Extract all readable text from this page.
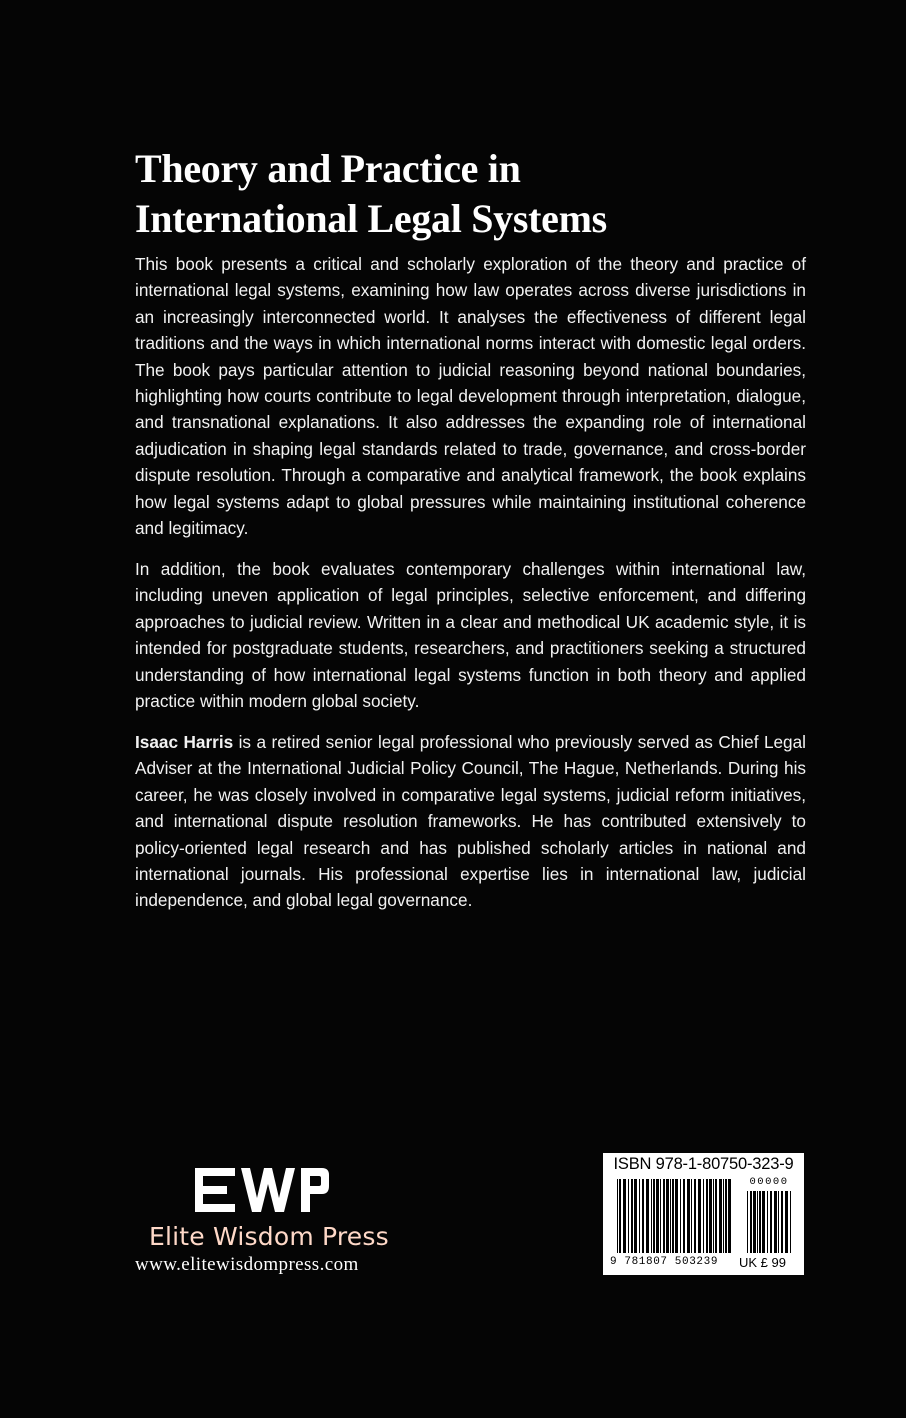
Theory and Practice in
International Legal Systems

This book presents a critical and scholarly exploration of the theory and practice of international legal systems, examining how law operates across diverse jurisdictions in an increasingly interconnected world. It analyses the effectiveness of different legal traditions and the ways in which international norms interact with domestic legal orders. The book pays particular attention to judicial reasoning beyond national boundaries, highlighting how courts contribute to legal development through interpretation, dialogue, and transnational explanations. It also addresses the expanding role of international adjudication in shaping legal standards related to trade, governance, and cross-border dispute resolution. Through a comparative and analytical framework, the book explains how legal systems adapt to global pressures while maintaining institutional coherence and legitimacy.

In addition, the book evaluates contemporary challenges within international law, including uneven application of legal principles, selective enforcement, and differing approaches to judicial review. Written in a clear and methodical UK academic style, it is intended for postgraduate students, researchers, and practitioners seeking a structured understanding of how international legal systems function in both theory and applied practice within modern global society.

Isaac Harris is a retired senior legal professional who previously served as Chief Legal Adviser at the International Judicial Policy Council, The Hague, Netherlands. During his career, he was closely involved in comparative legal systems, judicial reform initiatives, and international dispute resolution frameworks. He has contributed extensively to policy-oriented legal research and has published scholarly articles in national and international journals. His professional expertise lies in international law, judicial independence, and global legal governance.

Elite Wisdom Press
www.elitewisdompress.com
ISBN 978-1-80750-323-9
00000
9 781807 503239 UK £ 99
